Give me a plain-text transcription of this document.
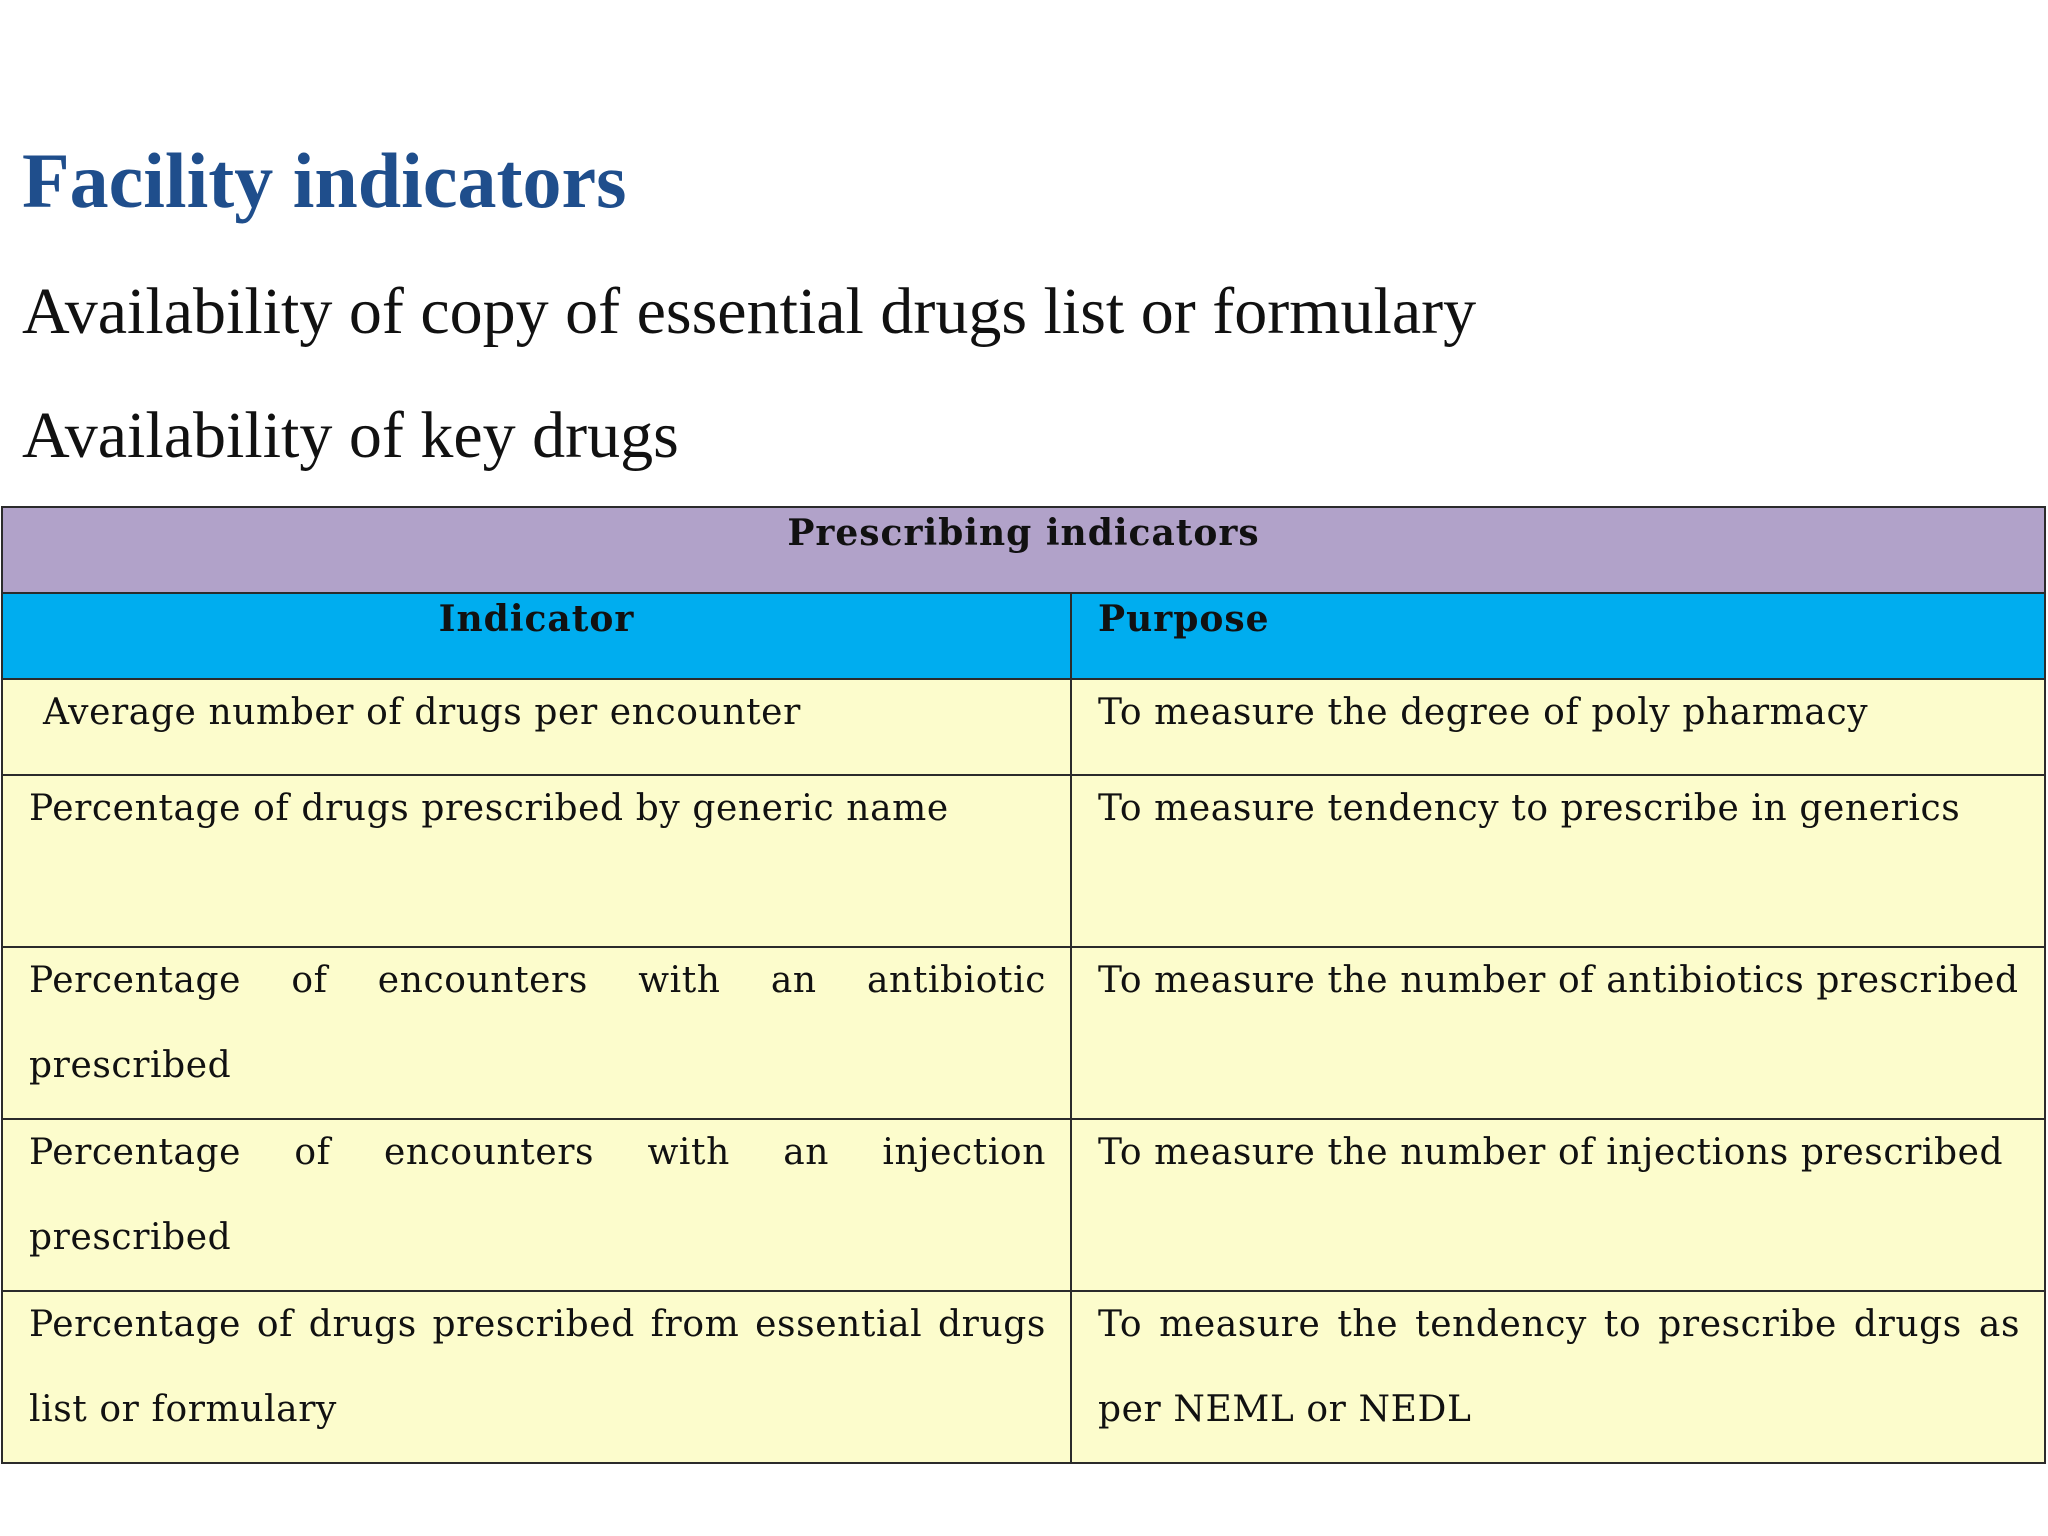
Facility indicators

Availability of copy of essential drugs list or formulary

Availability of key drugs

Prescribing indicators	
Indicator	Purpose

Average number of drugs per encounter	To measure the degree of poly pharmacy

Percentage of drugs prescribed by generic name	To measure tendency to prescribe in generics

Percentage of encounters with an antibiotic prescribed	To measure the number of antibiotics prescribed

Percentage of encounters with an injection prescribed	To measure the number of injections prescribed

Percentage of drugs prescribed from essential drugs list or formulary	To measure the tendency to prescribe drugs as per NEML or NEDL
